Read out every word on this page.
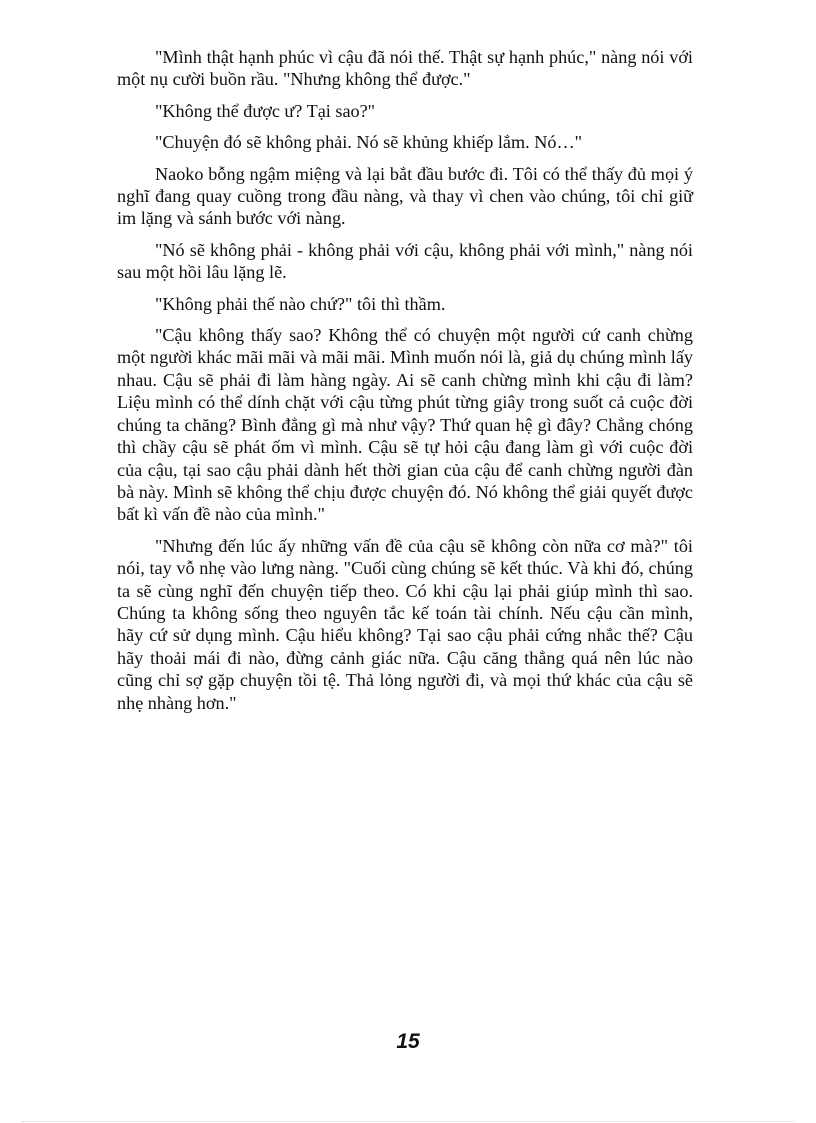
"Mình thật hạnh phúc vì cậu đã nói thế. Thật sự hạnh phúc," nàng nói với một nụ cười buồn rầu. "Nhưng không thể được."

"Không thể được ư? Tại sao?"

"Chuyện đó sẽ không phải. Nó sẽ khủng khiếp lắm. Nó…"

Naoko bỗng ngậm miệng và lại bắt đầu bước đi. Tôi có thể thấy đủ mọi ý nghĩ đang quay cuồng trong đầu nàng, và thay vì chen vào chúng, tôi chỉ giữ im lặng và sánh bước với nàng.

"Nó sẽ không phải - không phải với cậu, không phải với mình," nàng nói sau một hồi lâu lặng lẽ.

"Không phải thế nào chứ?" tôi thì thầm.

"Cậu không thấy sao? Không thể có chuyện một người cứ canh chừng một người khác mãi mãi và mãi mãi. Mình muốn nói là, giả dụ chúng mình lấy nhau. Cậu sẽ phải đi làm hàng ngày. Ai sẽ canh chừng mình khi cậu đi làm? Liệu mình có thể dính chặt với cậu từng phút từng giây trong suốt cả cuộc đời chúng ta chăng? Bình đẳng gì mà như vậy? Thứ quan hệ gì đây? Chẳng chóng thì chầy cậu sẽ phát ốm vì mình. Cậu sẽ tự hỏi cậu đang làm gì với cuộc đời của cậu, tại sao cậu phải dành hết thời gian của cậu để canh chừng người đàn bà này. Mình sẽ không thể chịu được chuyện đó. Nó không thể giải quyết được bất kì vấn đề nào của mình."

"Nhưng đến lúc ấy những vấn đề của cậu sẽ không còn nữa cơ mà?" tôi nói, tay vỗ nhẹ vào lưng nàng. "Cuối cùng chúng sẽ kết thúc. Và khi đó, chúng ta sẽ cùng nghĩ đến chuyện tiếp theo. Có khi cậu lại phải giúp mình thì sao. Chúng ta không sống theo nguyên tắc kế toán tài chính. Nếu cậu cần mình, hãy cứ sử dụng mình. Cậu hiểu không? Tại sao cậu phải cứng nhắc thế? Cậu hãy thoải mái đi nào, đừng cảnh giác nữa. Cậu căng thẳng quá nên lúc nào cũng chỉ sợ gặp chuyện tồi tệ. Thả lỏng người đi, và mọi thứ khác của cậu sẽ nhẹ nhàng hơn."

15
